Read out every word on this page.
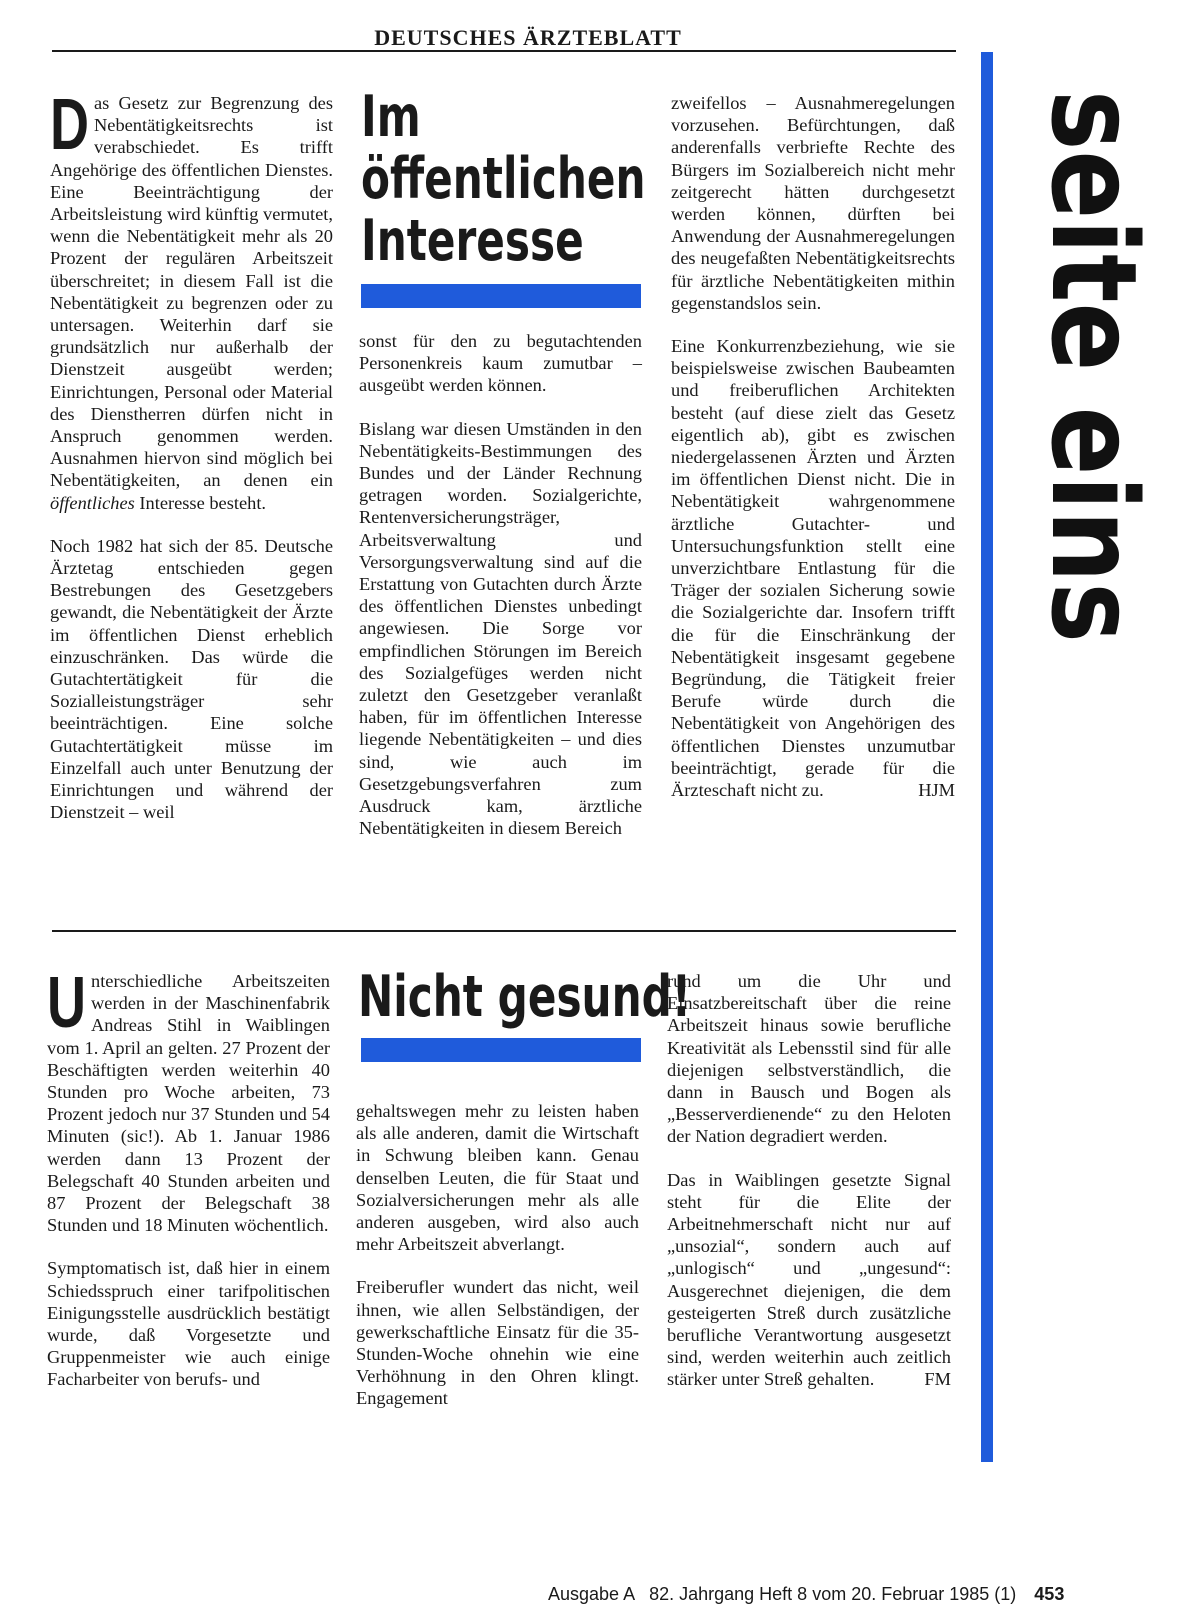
DEUTSCHES ÄRZTEBLATT

Das Gesetz zur Begrenzung des Nebentätigkeitsrechts ist verabschiedet. Es trifft Angehörige des öffentlichen Dienstes. Eine Beeinträchtigung der Arbeitsleistung wird künftig vermutet, wenn die Nebentätigkeit mehr als 20 Prozent der regulären Arbeitszeit überschreitet; in diesem Fall ist die Nebentätigkeit zu begrenzen oder zu untersagen. Weiterhin darf sie grundsätzlich nur außerhalb der Dienstzeit ausgeübt werden; Einrichtungen, Personal oder Material des Dienstherren dürfen nicht in Anspruch genommen werden. Ausnahmen hiervon sind möglich bei Nebentätigkeiten, an denen ein öffentliches Interesse besteht.

Noch 1982 hat sich der 85. Deutsche Ärztetag entschieden gegen Bestrebungen des Gesetzgebers gewandt, die Nebentätigkeit der Ärzte im öffentlichen Dienst erheblich einzuschränken. Das würde die Gutachtertätigkeit für die Sozialleistungsträger sehr beeinträchtigen. Eine solche Gutachtertätigkeit müsse im Einzelfall auch unter Benutzung der Einrichtungen und während der Dienstzeit – weil

Im
öffentlichen
Interesse

sonst für den zu begutachtenden Personenkreis kaum zumutbar – ausgeübt werden können.

Bislang war diesen Umständen in den Nebentätigkeits-Bestimmungen des Bundes und der Länder Rechnung getragen worden. Sozialgerichte, Rentenversicherungsträger, Arbeitsverwaltung und Versorgungsverwaltung sind auf die Erstattung von Gutachten durch Ärzte des öffentlichen Dienstes unbedingt angewiesen. Die Sorge vor empfindlichen Störungen im Bereich des Sozialgefüges werden nicht zuletzt den Gesetzgeber veranlaßt haben, für im öffentlichen Interesse liegende Nebentätigkeiten – und dies sind, wie auch im Gesetzgebungsverfahren zum Ausdruck kam, ärztliche Nebentätigkeiten in diesem Bereich

zweifellos – Ausnahmeregelungen vorzusehen. Befürchtungen, daß anderenfalls verbriefte Rechte des Bürgers im Sozialbereich nicht mehr zeitgerecht hätten durchgesetzt werden können, dürften bei Anwendung der Ausnahmeregelungen des neugefaßten Nebentätigkeitsrechts für ärztliche Nebentätigkeiten mithin gegenstandslos sein.

Eine Konkurrenzbeziehung, wie sie beispielsweise zwischen Baubeamten und freiberuflichen Architekten besteht (auf diese zielt das Gesetz eigentlich ab), gibt es zwischen niedergelassenen Ärzten und Ärzten im öffentlichen Dienst nicht. Die in Nebentätigkeit wahrgenommene ärztliche Gutachter- und Untersuchungsfunktion stellt eine unverzichtbare Entlastung für die Träger der sozialen Sicherung sowie die Sozialgerichte dar. Insofern trifft die für die Einschränkung der Nebentätigkeit insgesamt gegebene Begründung, die Tätigkeit freier Berufe würde durch die Nebentätigkeit von Angehörigen des öffentlichen Dienstes unzumutbar beeinträchtigt, gerade für die Ärzteschaft nicht zu.	HJM

Unterschiedliche Arbeitszeiten werden in der Maschinenfabrik Andreas Stihl in Waiblingen vom 1. April an gelten. 27 Prozent der Beschäftigten werden weiterhin 40 Stunden pro Woche arbeiten, 73 Prozent jedoch nur 37 Stunden und 54 Minuten (sic!). Ab 1. Januar 1986 werden dann 13 Prozent der Belegschaft 40 Stunden arbeiten und 87 Prozent der Belegschaft 38 Stunden und 18 Minuten wöchentlich.

Symptomatisch ist, daß hier in einem Schiedsspruch einer tarifpolitischen Einigungsstelle ausdrücklich bestätigt wurde, daß Vorgesetzte und Gruppenmeister wie auch einige Facharbeiter von berufs- und

Nicht gesund!

gehaltswegen mehr zu leisten haben als alle anderen, damit die Wirtschaft in Schwung bleiben kann. Genau denselben Leuten, die für Staat und Sozialversicherungen mehr als alle anderen ausgeben, wird also auch mehr Arbeitszeit abverlangt.

Freiberufler wundert das nicht, weil ihnen, wie allen Selbständigen, der gewerkschaftliche Einsatz für die 35-Stunden-Woche ohnehin wie eine Verhöhnung in den Ohren klingt. Engagement

rund um die Uhr und Einsatzbereitschaft über die reine Arbeitszeit hinaus sowie berufliche Kreativität als Lebensstil sind für alle diejenigen selbstverständlich, die dann in Bausch und Bogen als „Besserverdienende“ zu den Heloten der Nation degradiert werden.

Das in Waiblingen gesetzte Signal steht für die Elite der Arbeitnehmerschaft nicht nur auf „unsozial“, sondern auch auf „unlogisch“ und „ungesund“: Ausgerechnet diejenigen, die dem gesteigerten Streß durch zusätzliche berufliche Verantwortung ausgesetzt sind, werden weiterhin auch zeitlich stärker unter Streß gehalten.	FM

seite eins
Ausgabe A   82. Jahrgang Heft 8 vom 20. Februar 1985 (1) 453
